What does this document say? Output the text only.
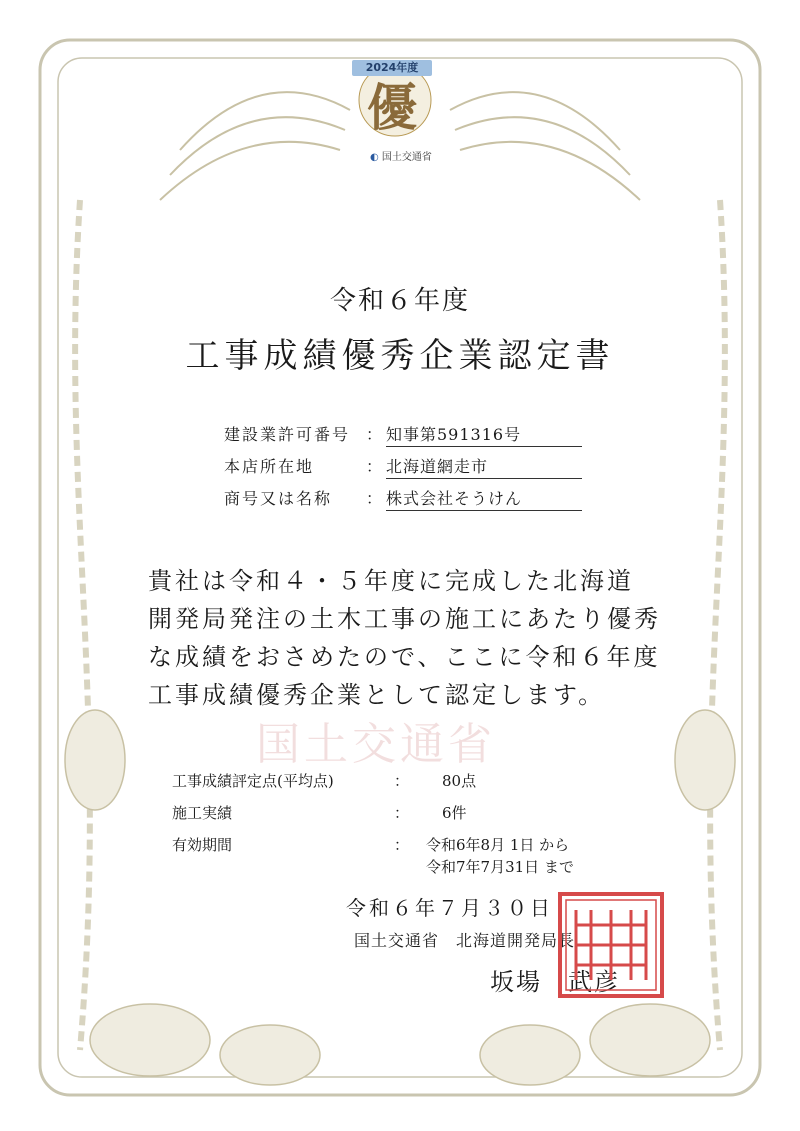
2024年度
優
◐ 国土交通省
令和６年度
工事成績優秀企業認定書
建設業許可番号 ： 知事第591316号
本店所在地	： 北海道網走市
商号又は名称	： 株式会社そうけん
国土交通省
貴社は令和４・５年度に完成した北海道
開発局発注の土木工事の施工にあたり優秀
な成績をおさめたので、ここに令和６年度
工事成績優秀企業として認定します。
工事成績評定点(平均点)	： 80点
施工実績	： 6件
有効期間	： 令和6年8月 1日 から
令和7年7月31日 まで
令和６年７月３０日
国土交通省　北海道開発局長
坂場　武彦
